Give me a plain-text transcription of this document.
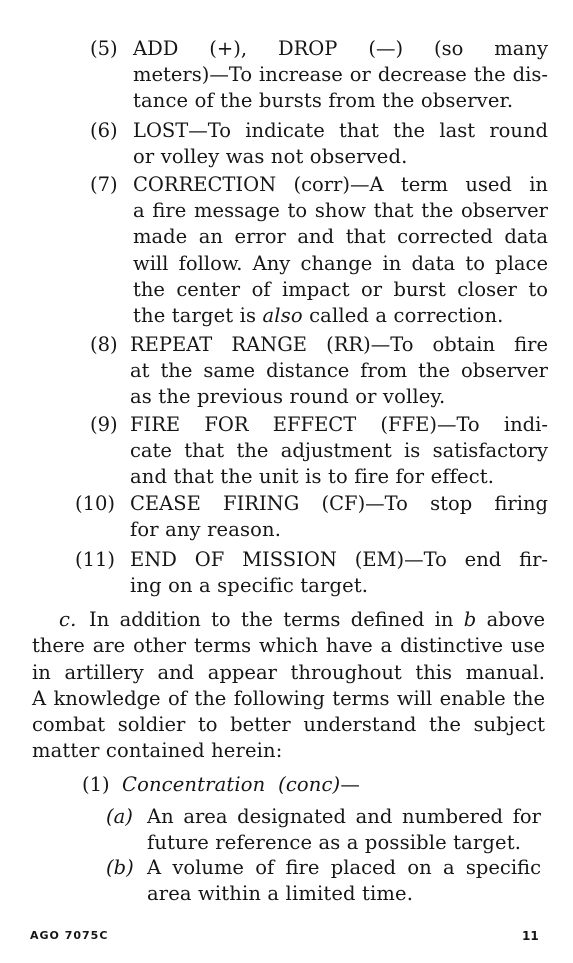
(5) ADD (+), DROP (—) (so many
meters)—To increase or decrease the dis-
tance of the bursts from the observer.
(6) LOST—To indicate that the last round
or volley was not observed.
(7) CORRECTION (corr)—A term used in
a fire message to show that the observer
made an error and that corrected data
will follow. Any change in data to place
the center of impact or burst closer to
the target is also called a correction.
(8) REPEAT RANGE (RR)—To obtain fire
at the same distance from the observer
as the previous round or volley.
(9) FIRE FOR EFFECT (FFE)—To indi-
cate that the adjustment is satisfactory
and that the unit is to fire for effect.
(10) CEASE FIRING (CF)—To stop firing
for any reason.
(11) END OF MISSION (EM)—To end fir-
ing on a specific target.
c. In addition to the terms defined in b above
there are other terms which have a distinctive use
in artillery and appear throughout this manual.
A knowledge of the following terms will enable the
combat soldier to better understand the subject
matter contained herein:
(1) Concentration (conc)—
(a) An area designated and numbered for
future reference as a possible target.
(b) A volume of fire placed on a specific
area within a limited time.
AGO 7075C	11
